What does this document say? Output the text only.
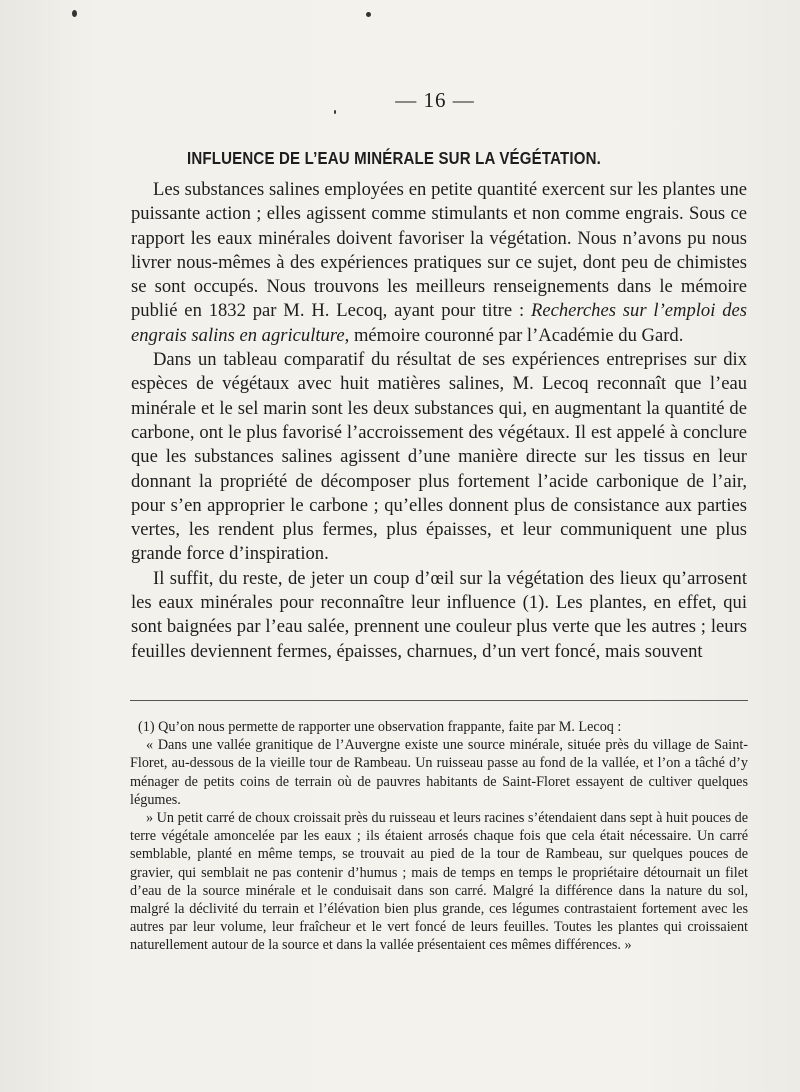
— 16 —
INFLUENCE DE L’EAU MINÉRALE SUR LA VÉGÉTATION.

Les substances salines employées en petite quantité exercent sur les plantes une puissante action ; elles agissent comme stimulants et non comme engrais. Sous ce rapport les eaux minérales doivent favoriser la végétation. Nous n’avons pu nous livrer nous-mêmes à des expériences pratiques sur ce sujet, dont peu de chimistes se sont occupés. Nous trouvons les meilleurs renseignements dans le mémoire publié en 1832 par M. H. Lecoq, ayant pour titre : Recherches sur l’emploi des engrais salins en agriculture, mémoire couronné par l’Académie du Gard.

Dans un tableau comparatif du résultat de ses expériences entreprises sur dix espèces de végétaux avec huit matières salines, M. Lecoq reconnaît que l’eau minérale et le sel marin sont les deux substances qui, en augmentant la quantité de carbone, ont le plus favorisé l’accroissement des végétaux. Il est appelé à conclure que les substances salines agissent d’une manière directe sur les tissus en leur donnant la propriété de décomposer plus fortement l’acide carbonique de l’air, pour s’en approprier le carbone ; qu’elles donnent plus de consistance aux parties vertes, les rendent plus fermes, plus épaisses, et leur communiquent une plus grande force d’inspiration.

Il suffit, du reste, de jeter un coup d’œil sur la végétation des lieux qu’arrosent les eaux minérales pour reconnaître leur influence (1). Les plantes, en effet, qui sont baignées par l’eau salée, prennent une couleur plus verte que les autres ; leurs feuilles deviennent fermes, épaisses, charnues, d’un vert foncé, mais souvent

(1) Qu’on nous permette de rapporter une observation frappante, faite par M. Lecoq :

« Dans une vallée granitique de l’Auvergne existe une source minérale, située près du village de Saint-Floret, au-dessous de la vieille tour de Rambeau. Un ruisseau passe au fond de la vallée, et l’on a tâché d’y ménager de petits coins de terrain où de pauvres habitants de Saint-Floret essayent de cultiver quelques légumes.

» Un petit carré de choux croissait près du ruisseau et leurs racines s’étendaient dans sept à huit pouces de terre végétale amoncelée par les eaux ; ils étaient arrosés chaque fois que cela était nécessaire. Un carré semblable, planté en même temps, se trouvait au pied de la tour de Rambeau, sur quelques pouces de gravier, qui semblait ne pas contenir d’humus ; mais de temps en temps le propriétaire détournait un filet d’eau de la source minérale et le conduisait dans son carré. Malgré la différence dans la nature du sol, malgré la déclivité du terrain et l’élévation bien plus grande, ces légumes contrastaient fortement avec les autres par leur volume, leur fraîcheur et le vert foncé de leurs feuilles. Toutes les plantes qui croissaient naturellement autour de la source et dans la vallée présentaient ces mêmes différences. »
